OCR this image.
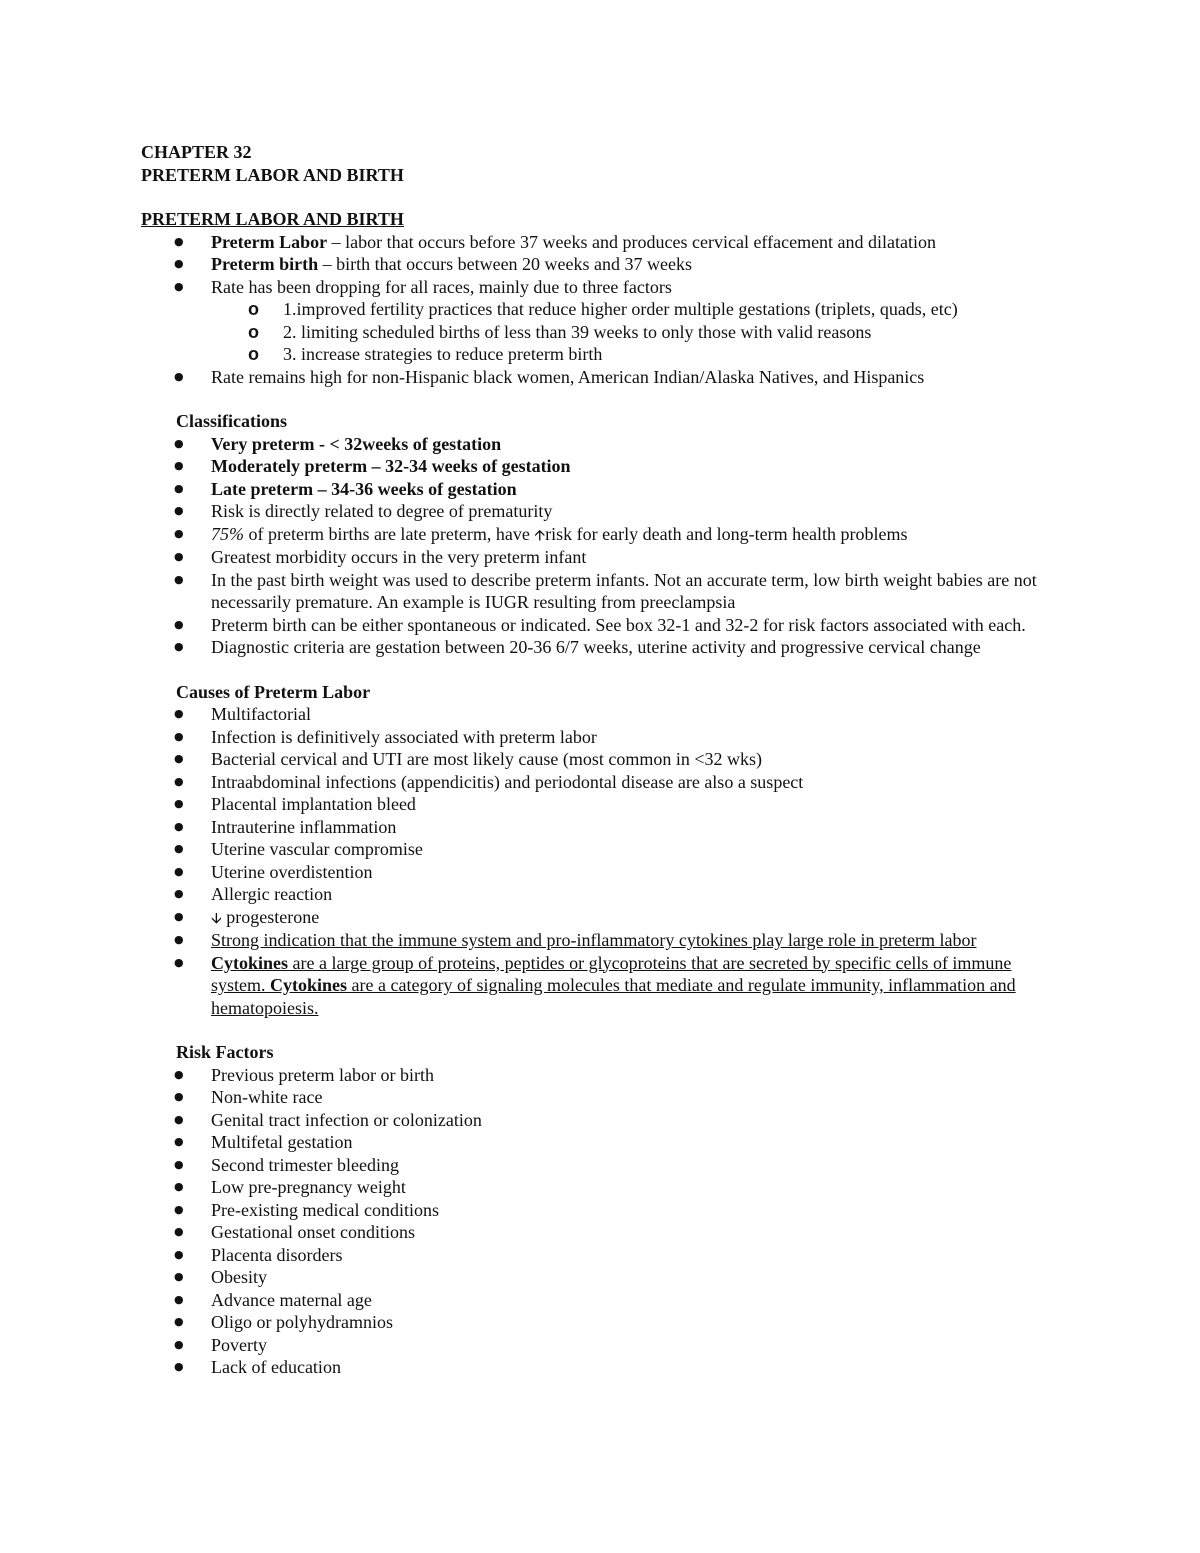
CHAPTER 32

PRETERM LABOR AND BIRTH

PRETERM LABOR AND BIRTH

● Preterm Labor – labor that occurs before 37 weeks and produces cervical effacement and dilatation
● Preterm birth – birth that occurs between 20 weeks and 37 weeks
● Rate has been dropping for all races, mainly due to three factors
o 1.improved fertility practices that reduce higher order multiple gestations (triplets, quads, etc)
o 2. limiting scheduled births of less than 39 weeks to only those with valid reasons
o 3. increase strategies to reduce preterm birth
● Rate remains high for non-Hispanic black women, American Indian/Alaska Natives, and Hispanics

Classifications

● Very preterm - < 32weeks of gestation
● Moderately preterm – 32-34 weeks of gestation
● Late preterm – 34-36 weeks of gestation
● Risk is directly related to degree of prematurity
● 75% of preterm births are late preterm, have 🡩risk for early death and long-term health problems
● Greatest morbidity occurs in the very preterm infant
● In the past birth weight was used to describe preterm infants. Not an accurate term, low birth weight babies are not necessarily premature. An example is IUGR resulting from preeclampsia
● Preterm birth can be either spontaneous or indicated. See box 32-1 and 32-2 for risk factors associated with each.
● Diagnostic criteria are gestation between 20-36 6/7 weeks, uterine activity and progressive cervical change

Causes of Preterm Labor

● Multifactorial
● Infection is definitively associated with preterm labor
● Bacterial cervical and UTI are most likely cause (most common in <32 wks)
● Intraabdominal infections (appendicitis) and periodontal disease are also a suspect
● Placental implantation bleed
● Intrauterine inflammation
● Uterine vascular compromise
● Uterine overdistention
● Allergic reaction
● 🡫 progesterone
● Strong indication that the immune system and pro-inflammatory cytokines play large role in preterm labor
● Cytokines are a large group of proteins, peptides or glycoproteins that are secreted by specific cells of immune system. Cytokines are a category of signaling molecules that mediate and regulate immunity, inflammation and hematopoiesis.

Risk Factors

● Previous preterm labor or birth
● Non-white race
● Genital tract infection or colonization
● Multifetal gestation
● Second trimester bleeding
● Low pre-pregnancy weight
● Pre-existing medical conditions
● Gestational onset conditions
● Placenta disorders
● Obesity
● Advance maternal age
● Oligo or polyhydramnios
● Poverty
● Lack of education
